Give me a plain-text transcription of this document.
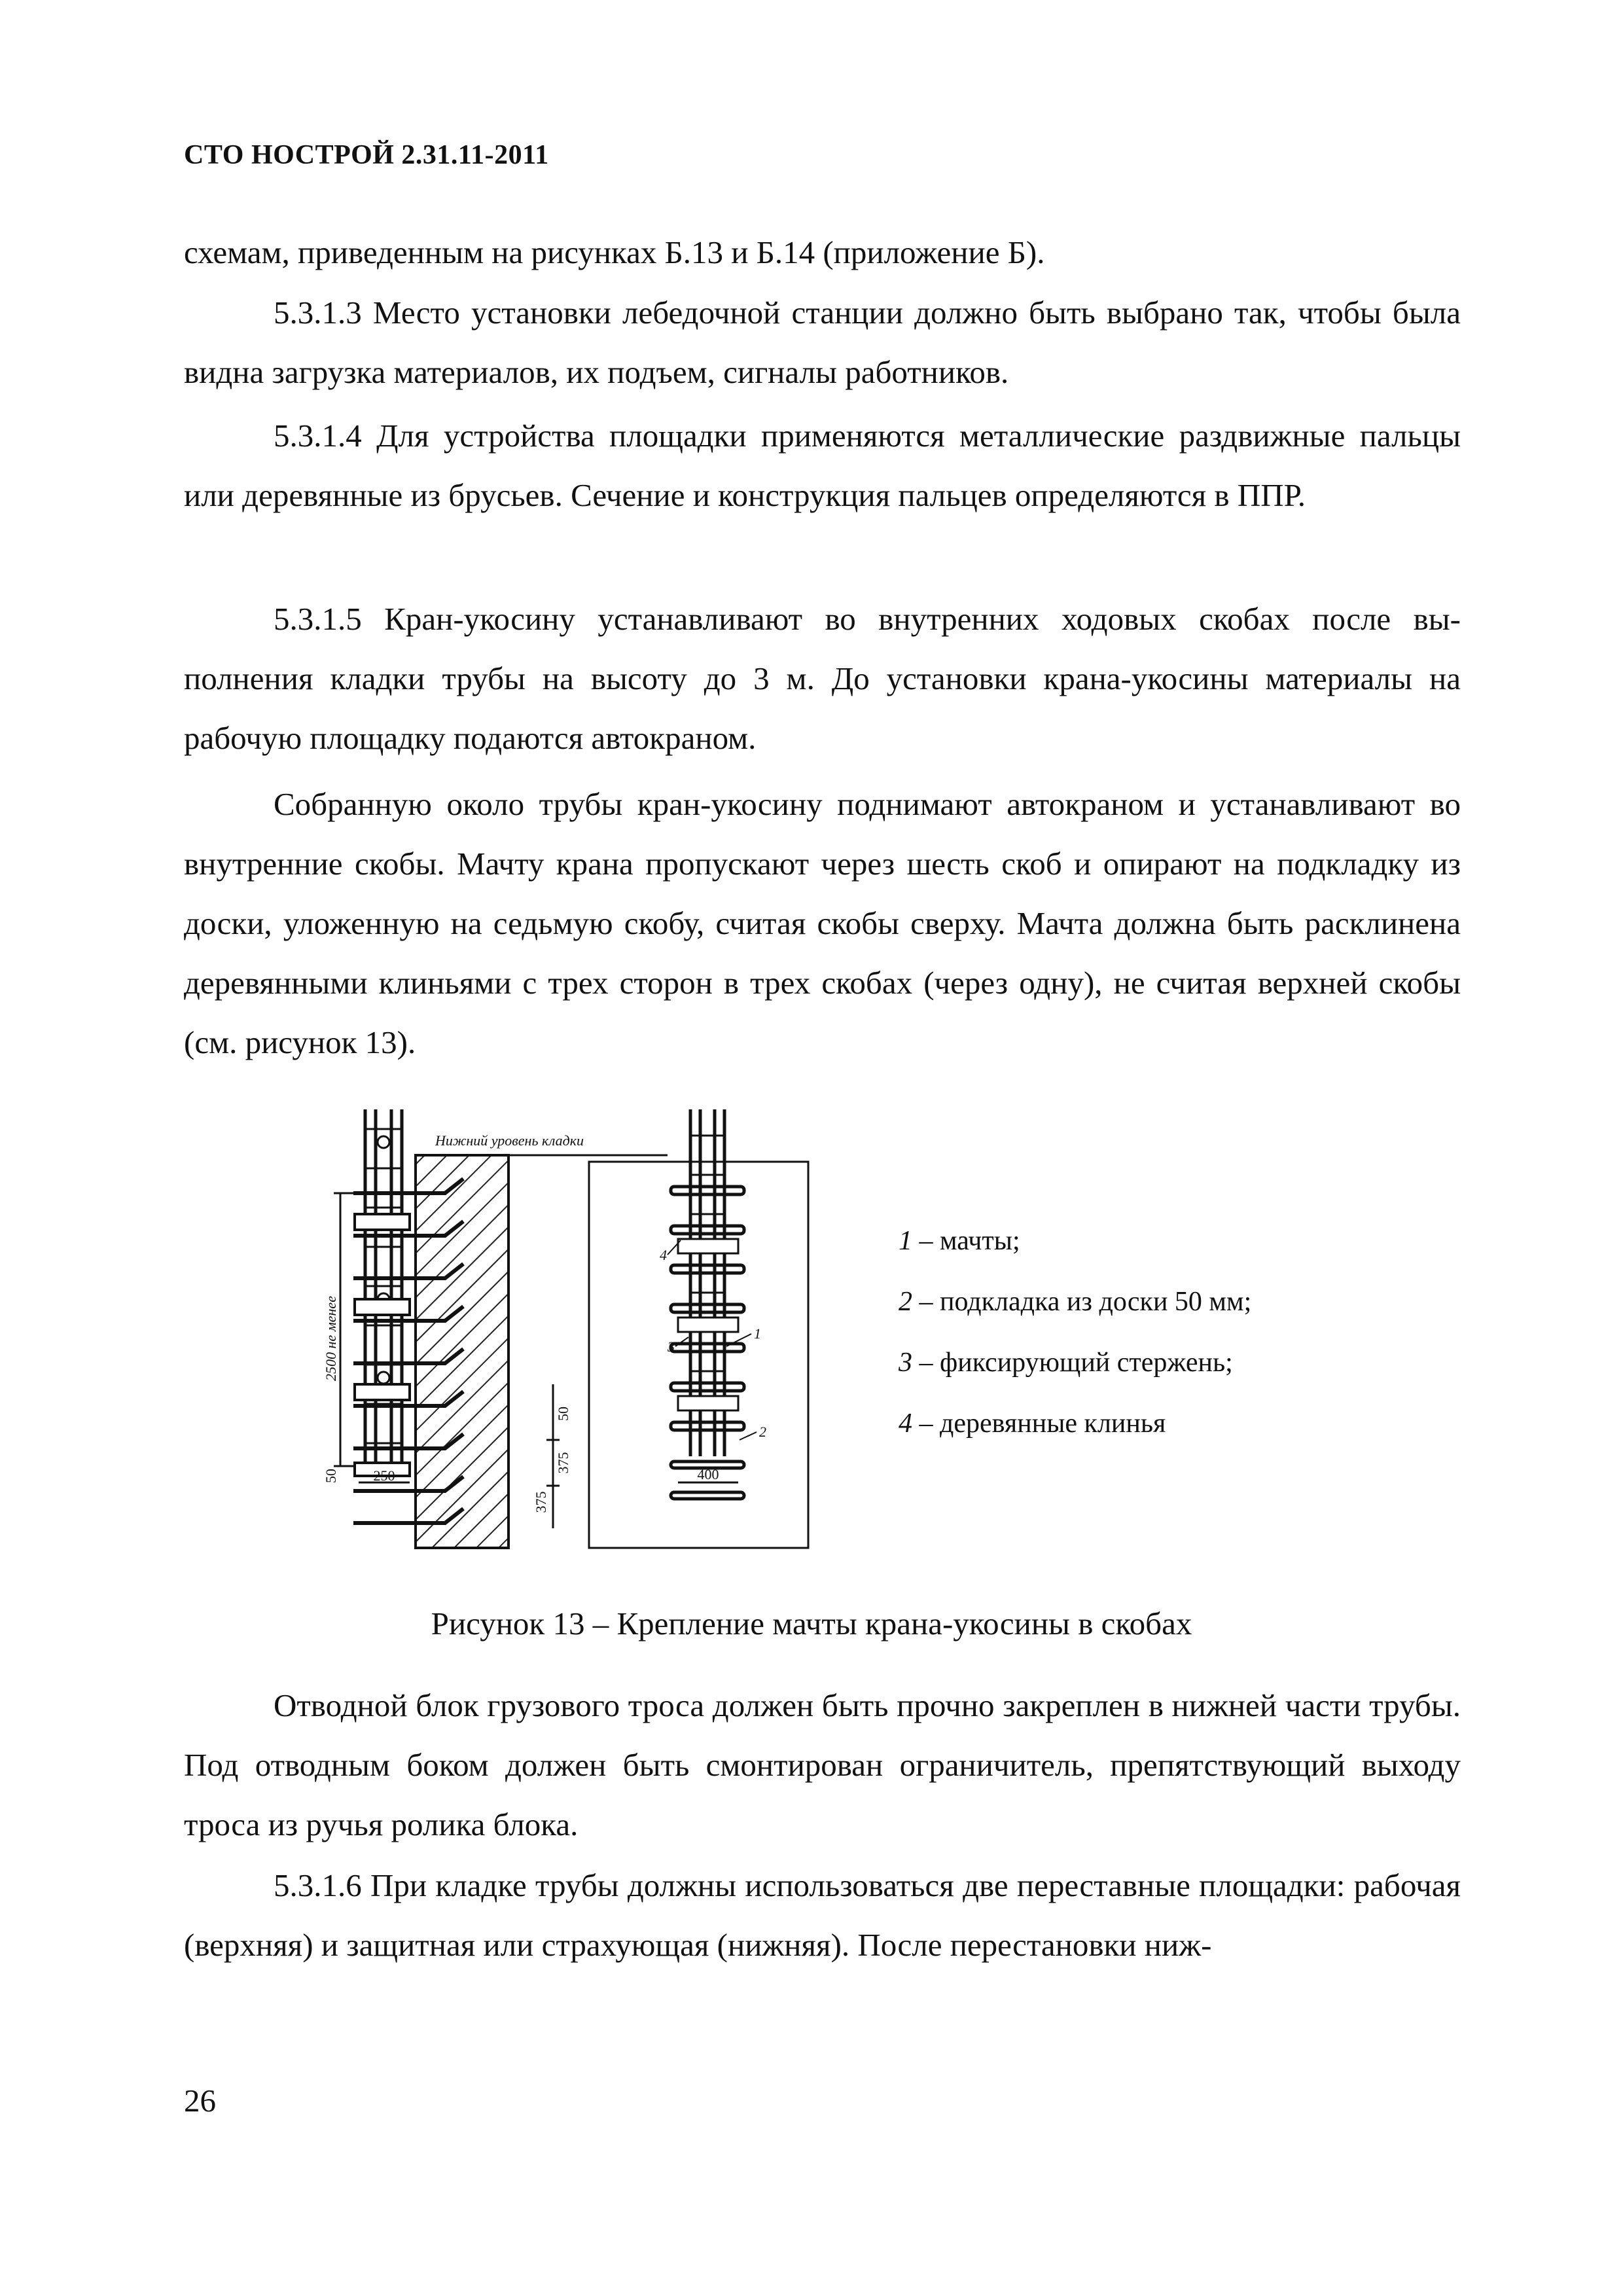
СТО НОСТРОЙ 2.31.11-2011

схемам, приведенным на рисунках Б.13 и Б.14 (приложение Б).

5.3.1.3 Место установки лебедочной станции должно быть выбрано так, чтобы была видна загрузка материалов, их подъем, сигналы работников.

5.3.1.4 Для устройства площадки применяются металлические раздвижные пальцы или деревянные из брусьев. Сечение и конструкция пальцев определяются в ППР.

5.3.1.5 Кран-укосину устанавливают во внутренних ходовых скобах после выполнения кладки трубы на высоту до 3 м. До установки крана-укосины материалы на рабочую площадку подаются автокраном.

Собранную около трубы кран-укосину поднимают автокраном и устанавливают во внутренние скобы. Мачту крана пропускают через шесть скоб и опирают на подкладку из доски, уложенную на седьмую скобу, считая скобы сверху. Мачта должна быть расклинена деревянными клиньями с трех сторон в трех скобах (через одну), не считая верхней скобы (см. рисунок 13).

Нижний уровень кладки
2500 не менее
50 250
375
375
50
400
4
3
1
2
1 – мачты;
2 – подкладка из доски 50 мм;
3 – фиксирующий стержень;
4 – деревянные клинья
Рисунок 13 – Крепление мачты крана-укосины в скобах

Отводной блок грузового троса должен быть прочно закреплен в нижней части трубы. Под отводным боком должен быть смонтирован ограничитель, препятствующий выходу троса из ручья ролика блока.

5.3.1.6 При кладке трубы должны использоваться две переставные площадки: рабочая (верхняя) и защитная или страхующая (нижняя). После перестановки ниж-

26
